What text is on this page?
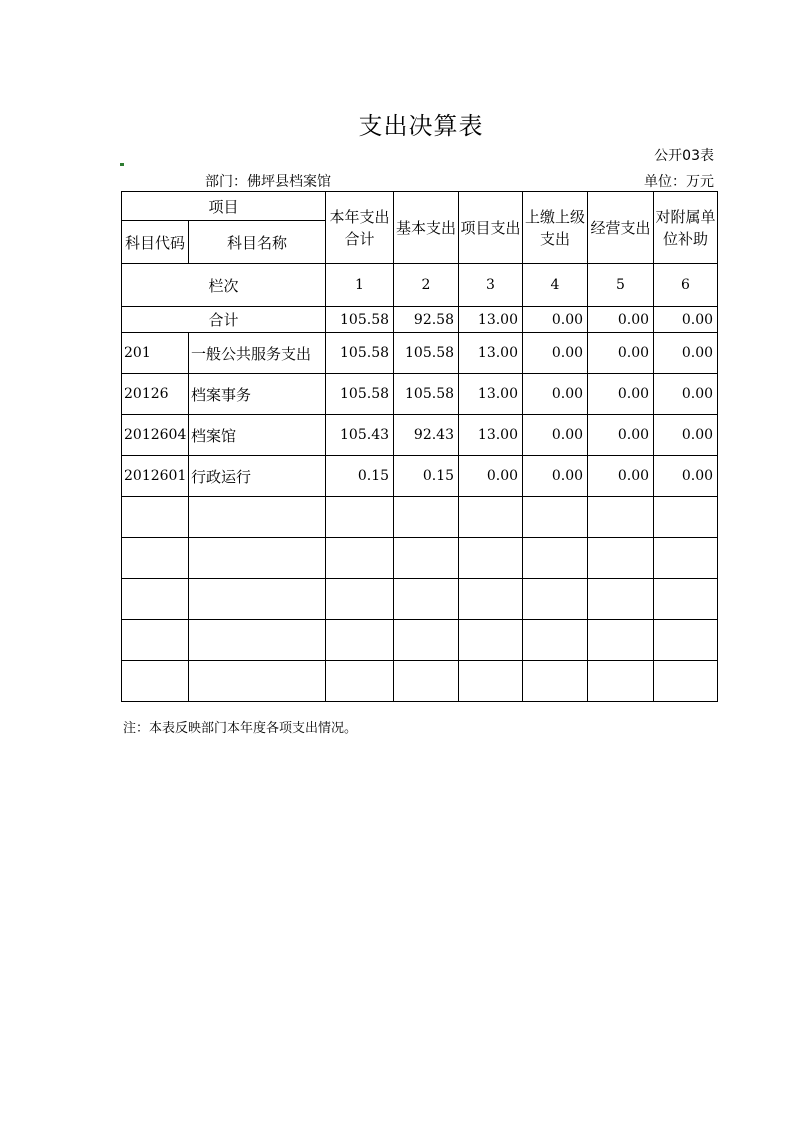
支出决算表
公开03表
部门：佛坪县档案馆	单位：万元
项目		本年支出合计	基本支出	项目支出	上缴上级支出	经营支出	对附属单位补助
科目代码	科目名称						
栏次		1	2	3	4	5	6
合计		105.58	92.58	13.00	0.00	0.00	0.00
201	一般公共服务支出	105.58	105.58	13.00	0.00	0.00	0.00
20126	档案事务	105.58	105.58	13.00	0.00	0.00	0.00
2012604	档案馆	105.43	92.43	13.00	0.00	0.00	0.00
2012601	行政运行	0.15	0.15	0.00	0.00	0.00	0.00

注：本表反映部门本年度各项支出情况。
